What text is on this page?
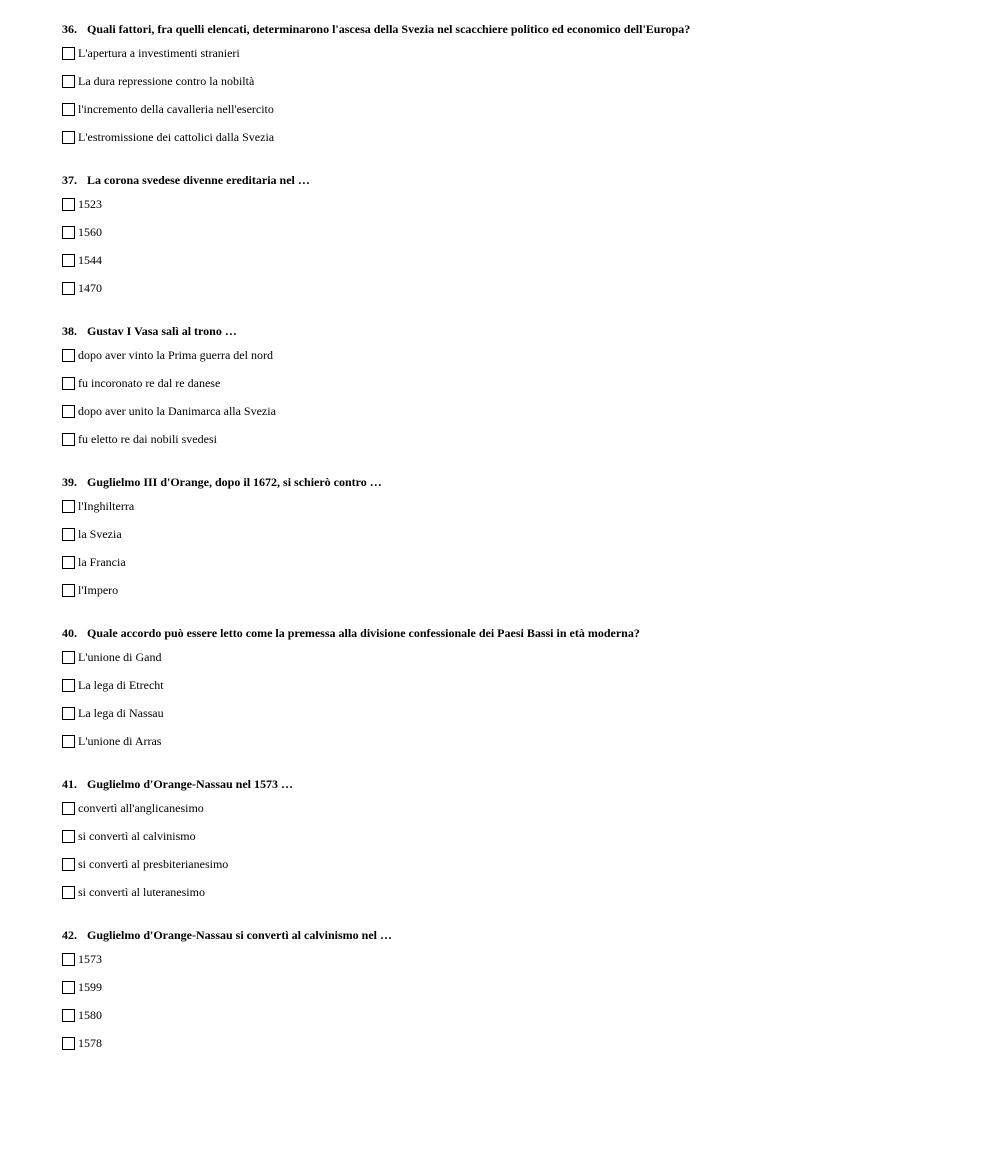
36. Quali fattori, fra quelli elencati, determinarono l'ascesa della Svezia nel scacchiere politico ed economico dell'Europa?
L'apertura a investimenti stranieri
La dura repressione contro la nobiltà
l'incremento della cavalleria nell'esercito
L'estromissione dei cattolici dalla Svezia
37. La corona svedese divenne ereditaria nel …
1523
1560
1544
1470
38. Gustav I Vasa salì al trono …
dopo aver vinto la Prima guerra del nord
fu incoronato re dal re danese
dopo aver unito la Danimarca alla Svezia
fu eletto re dai nobili svedesi
39. Guglielmo III d'Orange, dopo il 1672, si schierò contro …
l'Inghilterra
la Svezia
la Francia
l'Impero
40. Quale accordo può essere letto come la premessa alla divisione confessionale dei Paesi Bassi in età moderna?
L'unione di Gand
La lega di Etrecht
La lega di Nassau
L'unione di Arras
41. Guglielmo d'Orange-Nassau nel 1573 …
convertì all'anglicanesimo
si convertì al calvinismo
si convertì al presbiterianesimo
si convertì al luteranesimo
42. Guglielmo d'Orange-Nassau si convertì al calvinismo nel …
1573
1599
1580
1578
